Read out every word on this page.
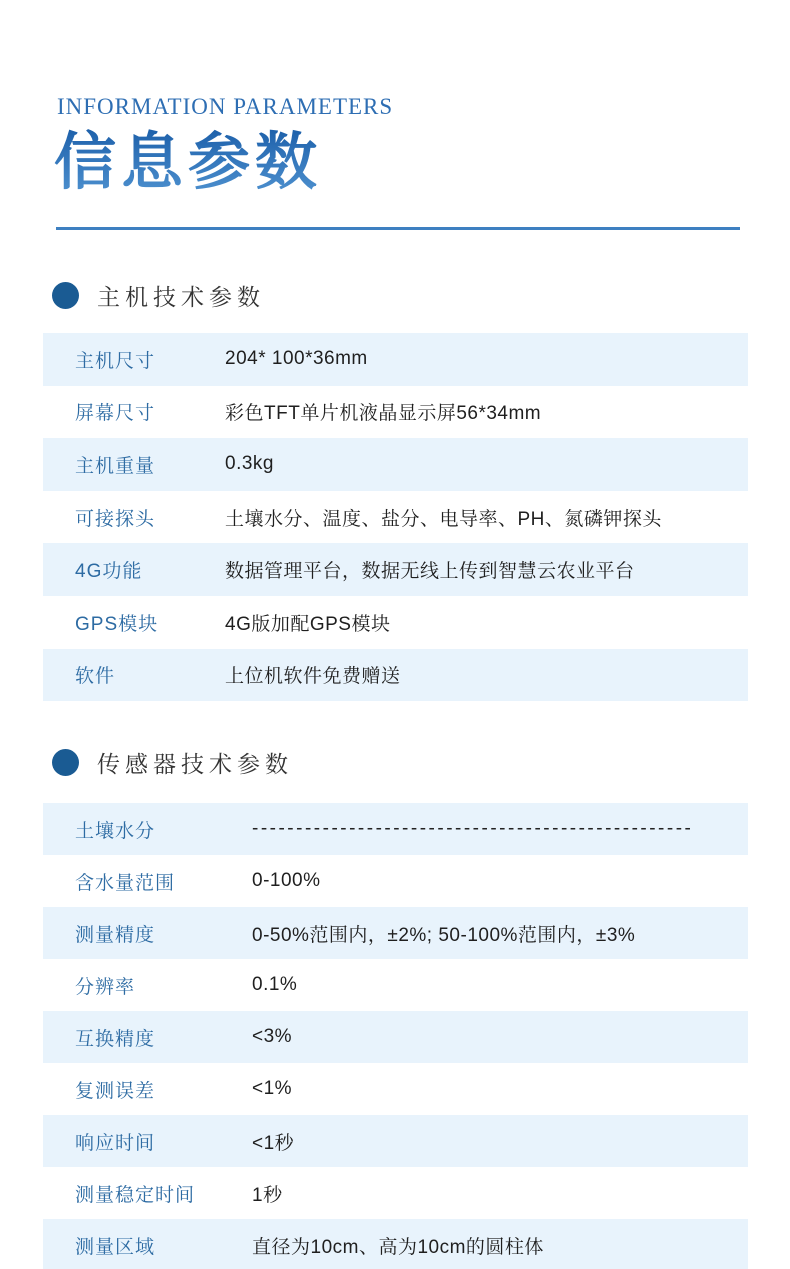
INFORMATION PARAMETERS
信息参数
主机技术参数
主机尺寸	204* 100*36mm
屏幕尺寸	彩色TFT单片机液晶显示屏56*34mm
主机重量	0.3kg
可接探头	土壤水分、温度、盐分、电导率、PH、氮磷钾探头
4G功能	数据管理平台，数据无线上传到智慧云农业平台
GPS模块	4G版加配GPS模块
软件	上位机软件免费赠送
传感器技术参数
土壤水分	--------------------------------------------------
含水量范围	0-100%
测量精度	0-50%范围内，±2%; 50-100%范围内，±3%
分辨率	0.1%
互换精度	<3%
复测误差	<1%
响应时间	<1秒
测量稳定时间	1秒
测量区域	直径为10cm、高为10cm的圆柱体
